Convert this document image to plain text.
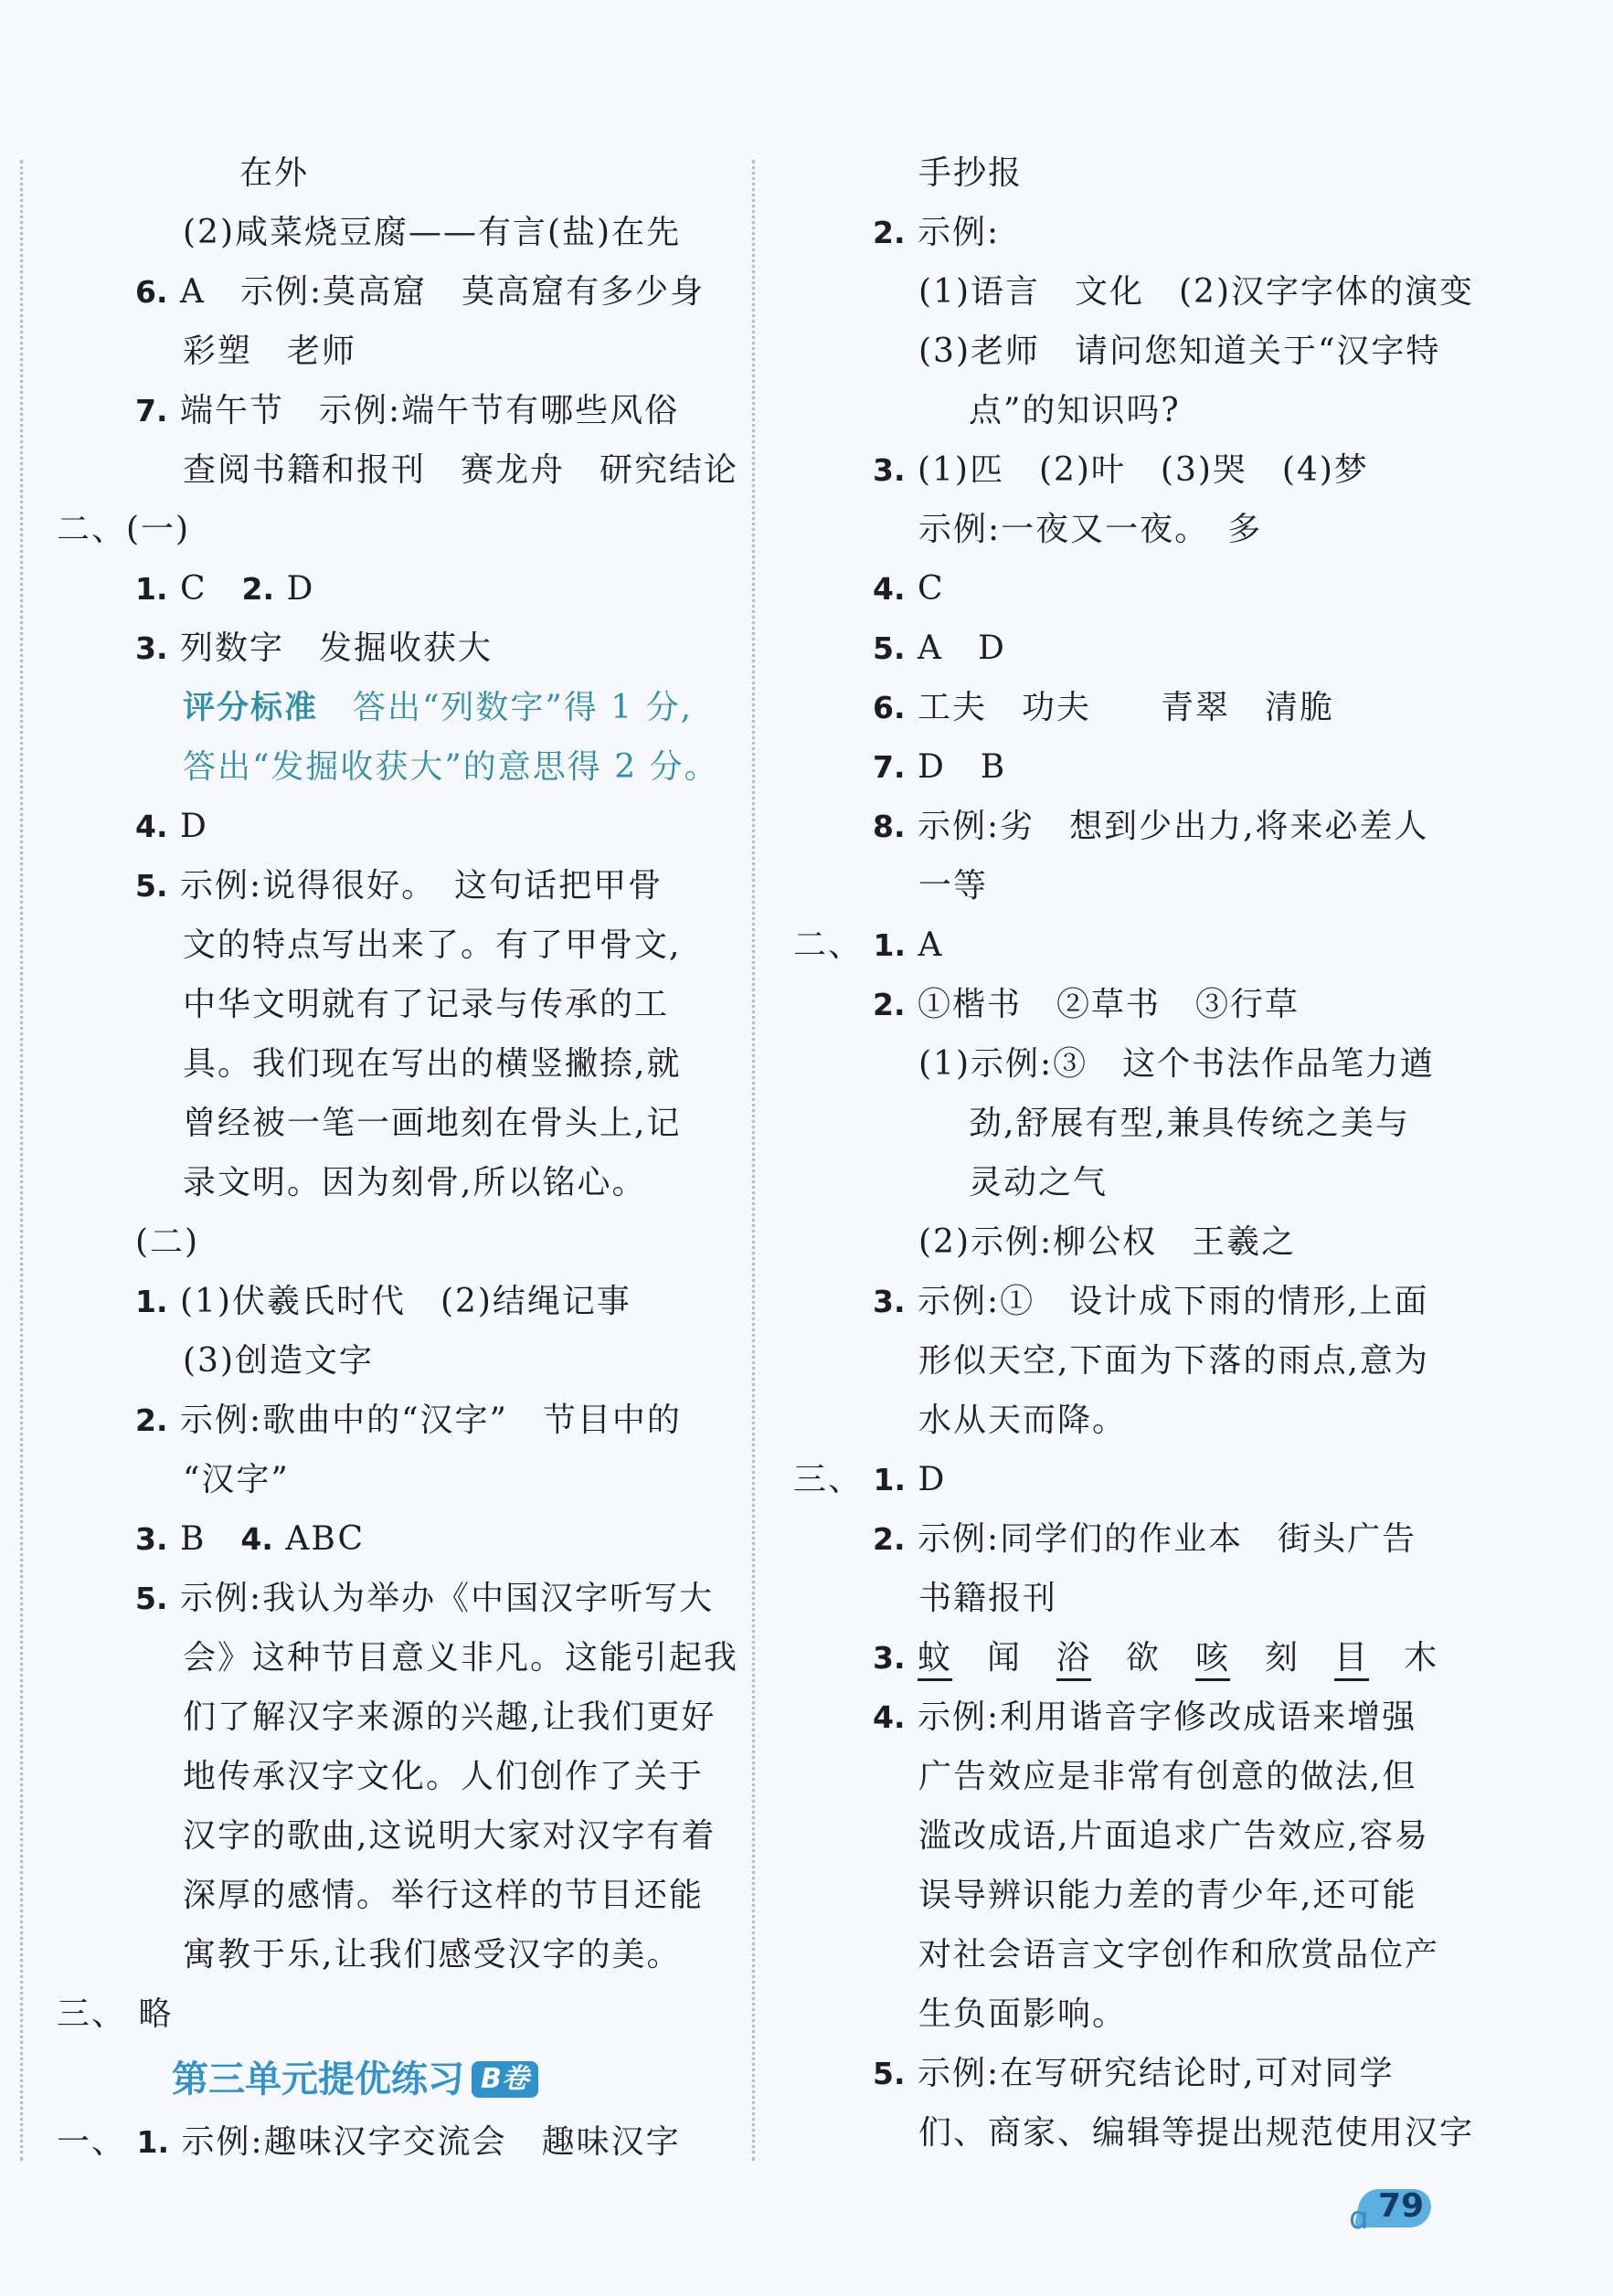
在外
(2)咸菜烧豆腐——有言(盐)在先
6. A　示例:莫高窟　莫高窟有多少身
彩塑　老师
7. 端午节　示例:端午节有哪些风俗
查阅书籍和报刊　赛龙舟　研究结论
二、(一)
1. C　2. D
3. 列数字　发掘收获大
评分标准　答出“列数字”得 1 分,
答出“发掘收获大”的意思得 2 分。
4. D
5. 示例:说得很好。　这句话把甲骨
文的特点写出来了。有了甲骨文,
中华文明就有了记录与传承的工
具。我们现在写出的横竖撇捺,就
曾经被一笔一画地刻在骨头上,记
录文明。因为刻骨,所以铭心。
(二)
1. (1)伏羲氏时代　(2)结绳记事
(3)创造文字
2. 示例:歌曲中的“汉字”　节目中的
“汉字”
3. B　4. ABC
5. 示例:我认为举办《中国汉字听写大
会》这种节目意义非凡。这能引起我
们了解汉字来源的兴趣,让我们更好
地传承汉字文化。人们创作了关于
汉字的歌曲,这说明大家对汉字有着
深厚的感情。举行这样的节目还能
寓教于乐,让我们感受汉字的美。
三、 略
一、 1. 示例:趣味汉字交流会　趣味汉字
第三单元提优练习 B卷
手抄报
2. 示例:
(1)语言　文化　(2)汉字字体的演变
(3)老师　请问您知道关于“汉字特
点”的知识吗?
3. (1)匹　(2)叶　(3)哭　(4)梦
示例:一夜又一夜。　多
4. C
5. A　D
6. 工夫　功夫　　青翠　清脆
7. D　B
8. 示例:劣　想到少出力,将来必差人
一等
二、 1. A
2. ①楷书　②草书　③行草
(1)示例:③　这个书法作品笔力遒
劲,舒展有型,兼具传统之美与
灵动之气
(2)示例:柳公权　王羲之
3. 示例:①　设计成下雨的情形,上面
形似天空,下面为下落的雨点,意为
水从天而降。
三、 1. D
2. 示例:同学们的作业本　街头广告
书籍报刊
3. 蚊　闻　浴　欲　咳　刻　目　木
4. 示例:利用谐音字修改成语来增强
广告效应是非常有创意的做法,但
滥改成语,片面追求广告效应,容易
误导辨识能力差的青少年,还可能
对社会语言文字创作和欣赏品位产
生负面影响。
5. 示例:在写研究结论时,可对同学
们、商家、编辑等提出规范使用汉字
ɑ 79
